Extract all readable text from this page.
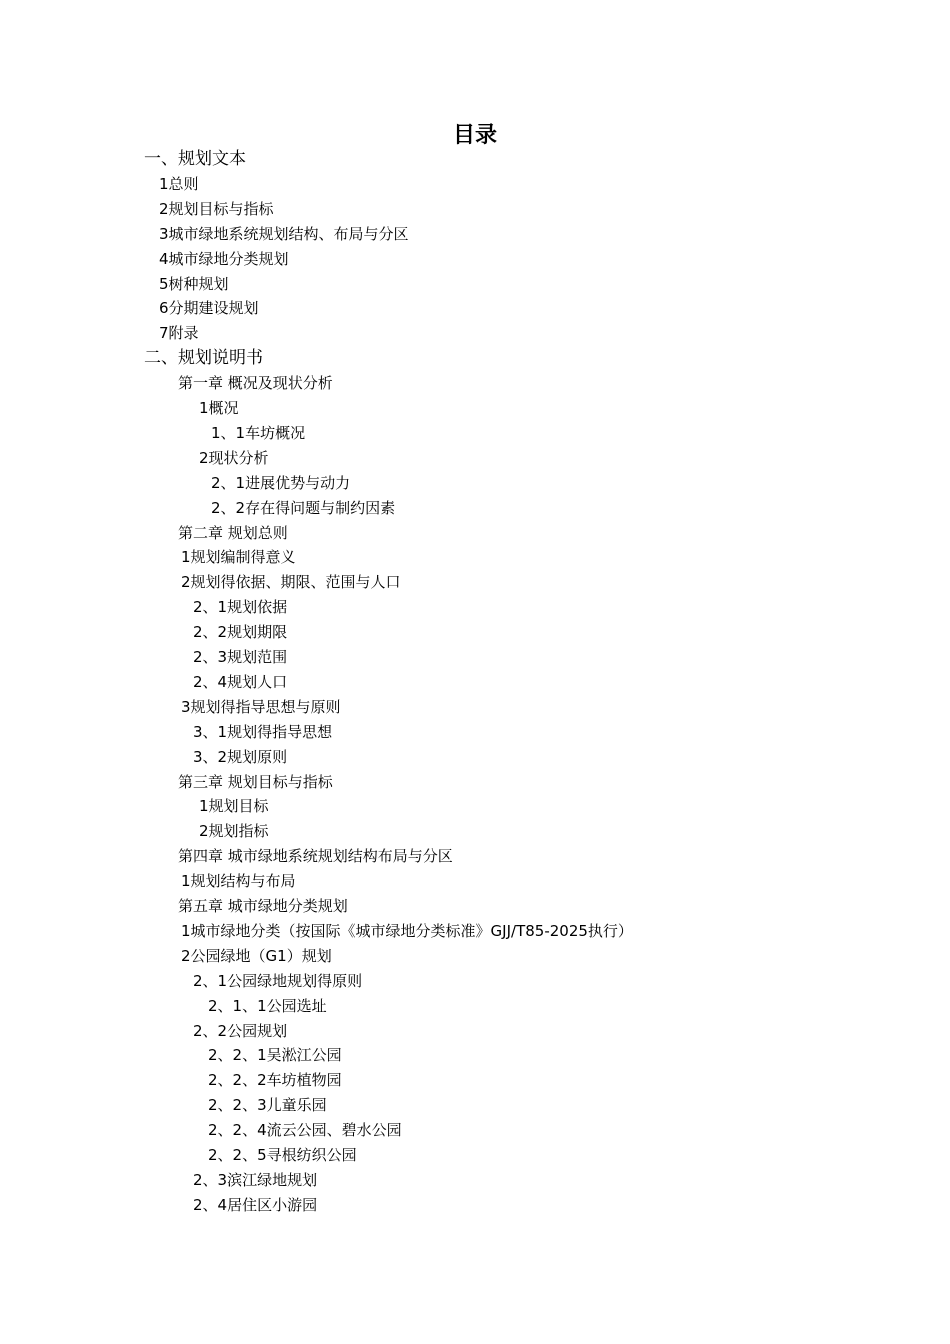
目录
一、规划文本
1总则
2规划目标与指标
3城市绿地系统规划结构、布局与分区
4城市绿地分类规划
5树种规划
6分期建设规划
7附录
二、规划说明书
第一章 概况及现状分析
1概况
1、1车坊概况
2现状分析
2、1进展优势与动力
2、2存在得问题与制约因素
第二章 规划总则
1规划编制得意义
2规划得依据、期限、范围与人口
2、1规划依据
2、2规划期限
2、3规划范围
2、4规划人口
3规划得指导思想与原则
3、1规划得指导思想
3、2规划原则
第三章 规划目标与指标
1规划目标
2规划指标
第四章 城市绿地系统规划结构布局与分区
1规划结构与布局
第五章 城市绿地分类规划
1城市绿地分类（按国际《城市绿地分类标准》GJJ/T85-2025执行）
2公园绿地（G1）规划
2、1公园绿地规划得原则
2、1、1公园选址
2、2公园规划
2、2、1吴淞江公园
2、2、2车坊植物园
2、2、3儿童乐园
2、2、4流云公园、碧水公园
2、2、5寻根纺织公园
2、3滨江绿地规划
2、4居住区小游园
